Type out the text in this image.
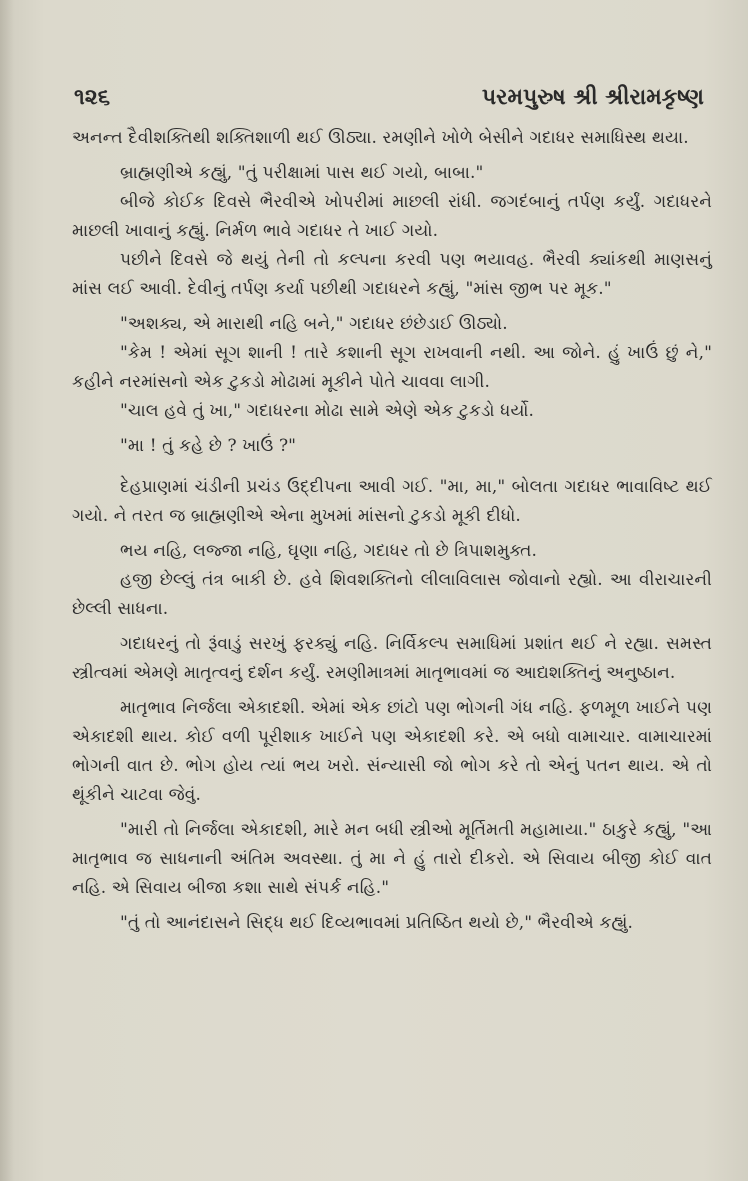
૧૨૬	પરમપુરુષ શ્રી શ્રીરામકૃષ્ણ

અનન્ત દૈવીશક્તિથી શક્તિશાળી થઈ ઊઠ્યા. રમણીને ખોળે બેસીને ગદાધર સમાધિસ્થ થયા.

બ્રાહ્મણીએ કહ્યું, "તું પરીક્ષામાં પાસ થઈ ગયો, બાબા."

બીજે કોઈક દિવસે ભૈરવીએ ખોપરીમાં માછલી રાંધી. જગદંબાનું તર્પણ કર્યું. ગદાધરને માછલી ખાવાનું કહ્યું. નિર્મળ ભાવે ગદાધર તે ખાઈ ગયો.

પછીને દિવસે જે થયું તેની તો કલ્પના કરવી પણ ભયાવહ. ભૈરવી ક્યાંકથી માણસનું માંસ લઈ આવી. દેવીનું તર્પણ કર્યા પછીથી ગદાધરને કહ્યું, "માંસ જીભ પર મૂક."

"અશક્ય, એ મારાથી નહિ બને," ગદાધર છંછેડાઈ ઊઠ્યો.

"કેમ ! એમાં સૂગ શાની ! તારે કશાની સૂગ રાખવાની નથી. આ જોને. હું ખાઉં છું ને," કહીને નરમાંસનો એક ટુકડો મોઢામાં મૂકીને પોતે ચાવવા લાગી.

"ચાલ હવે તું ખા," ગદાધરના મોઢા સામે એણે એક ટુકડો ધર્યો.

"મા ! તું કહે છે ? ખાઉં ?"

દેહપ્રાણમાં ચંડીની પ્રચંડ ઉદ્દીપના આવી ગઈ. "મા, મા," બોલતા ગદાધર ભાવાવિષ્ટ થઈ ગયો. ને તરત જ બ્રાહ્મણીએ એના મુખમાં માંસનો ટુકડો મૂકી દીધો.

ભય નહિ, લજ્જા નહિ, ઘૃણા નહિ, ગદાધર તો છે ત્રિપાશમુક્ત.

હજી છેલ્લું તંત્ર બાકી છે. હવે શિવશક્તિનો લીલાવિલાસ જોવાનો રહ્યો. આ વીરાચારની છેલ્લી સાધના.

ગદાધરનું તો રૂંવાડું સરખું ફરક્યું નહિ. નિર્વિકલ્પ સમાધિમાં પ્રશાંત થઈ ને રહ્યા. સમસ્ત સ્ત્રીત્વમાં એમણે માતૃત્વનું દર્શન કર્યું. રમણીમાત્રમાં માતૃભાવમાં જ આદ્યશક્તિનું અનુષ્ઠાન.

માતૃભાવ નિર્જલા એકાદશી. એમાં એક છાંટો પણ ભોગની ગંધ નહિ. ફળમૂળ ખાઈને પણ એકાદશી થાય. કોઈ વળી પૂરીશાક ખાઈને પણ એકાદશી કરે. એ બધો વામાચાર. વામાચારમાં ભોગની વાત છે. ભોગ હોય ત્યાં ભય ખરો. સંન્યાસી જો ભોગ કરે તો એનું પતન થાય. એ તો થૂંકીને ચાટવા જેવું.

"મારી તો નિર્જલા એકાદશી, મારે મન બધી સ્ત્રીઓ મૂર્તિમતી મહામાયા." ઠાકુરે કહ્યું, "આ માતૃભાવ જ સાધનાની અંતિમ અવસ્થા. તું મા ને હું તારો દીકરો. એ સિવાય બીજી કોઈ વાત નહિ. એ સિવાય બીજા કશા સાથે સંપર્ક નહિ."

"તું તો આનંદાસને સિદ્ધ થઈ દિવ્યભાવમાં પ્રતિષ્ઠિત થયો છે," ભૈરવીએ કહ્યું.
